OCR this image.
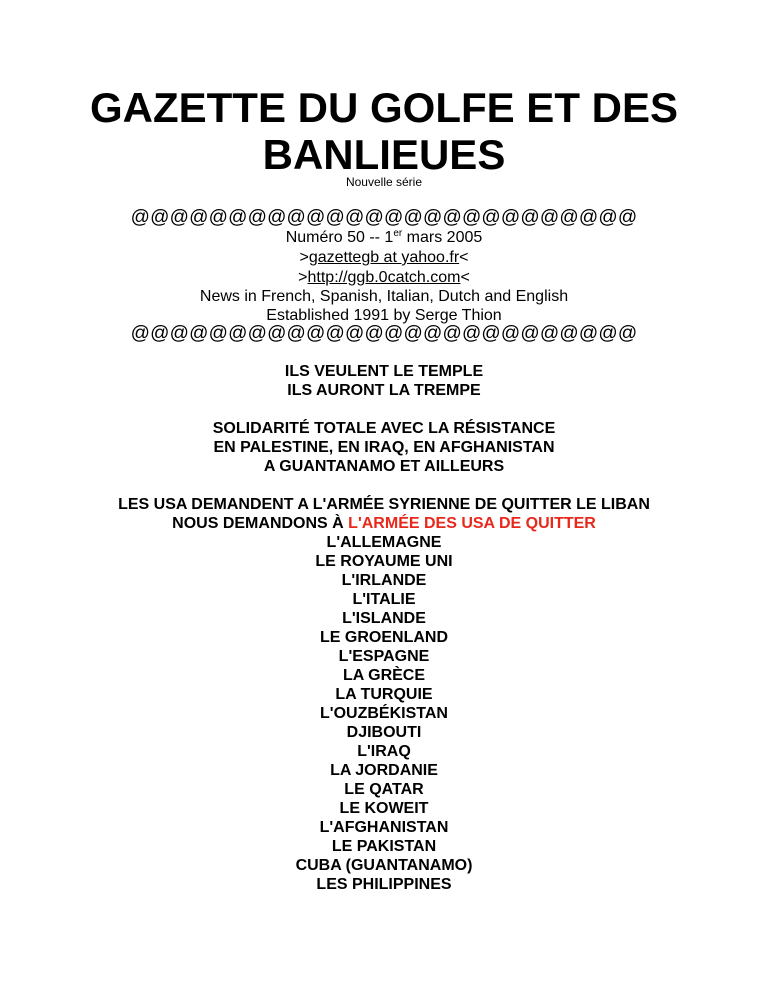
GAZETTE DU GOLFE ET DES
BANLIEUES
Nouvelle série
@@@@@@@@@@@@@@@@@@@@@@@@@@
Numéro 50 -- 1er mars 2005
>gazettegb at yahoo.fr<
>http://ggb.0catch.com<
News in French, Spanish, Italian, Dutch and English
Established 1991 by Serge Thion
@@@@@@@@@@@@@@@@@@@@@@@@@@
ILS VEULENT LE TEMPLE
ILS AURONT LA TREMPE
SOLIDARITÉ TOTALE AVEC LA RÉSISTANCE
EN PALESTINE, EN IRAQ, EN AFGHANISTAN
A GUANTANAMO ET AILLEURS
LES USA DEMANDENT A L'ARMÉE SYRIENNE DE QUITTER LE LIBAN
NOUS DEMANDONS À L'ARMÉE DES USA DE QUITTER
L'ALLEMAGNE
LE ROYAUME UNI
L'IRLANDE
L'ITALIE
L'ISLANDE
LE GROENLAND
L'ESPAGNE
LA GRÈCE
LA TURQUIE
L'OUZBÉKISTAN
DJIBOUTI
L'IRAQ
LA JORDANIE
LE QATAR
LE KOWEIT
L'AFGHANISTAN
LE PAKISTAN
CUBA (GUANTANAMO)
LES PHILIPPINES
